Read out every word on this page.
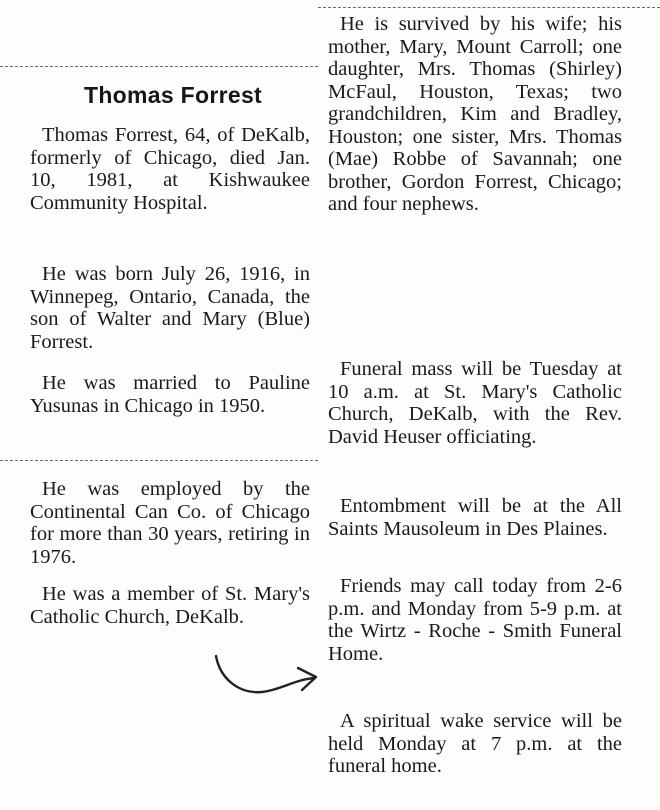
Thomas Forrest

Thomas Forrest, 64, of DeKalb, formerly of Chicago, died Jan. 10, 1981, at Kishwaukee Community Hospital.

He was born July 26, 1916, in Winnepeg, Ontario, Canada, the son of Walter and Mary (Blue) Forrest.

He was married to Pauline Yusunas in Chicago in 1950.

He was employed by the Continental Can Co. of Chicago for more than 30 years, retiring in 1976.

He was a member of St. Mary's Catholic Church, DeKalb.

He is survived by his wife; his mother, Mary, Mount Carroll; one daughter, Mrs. Thomas (Shirley) McFaul, Houston, Texas; two grandchildren, Kim and Bradley, Houston; one sister, Mrs. Thomas (Mae) Robbe of Savannah; one brother, Gordon Forrest, Chicago; and four nephews.

Funeral mass will be Tuesday at 10 a.m. at St. Mary's Catholic Church, DeKalb, with the Rev. David Heuser officiating.

Entombment will be at the All Saints Mausoleum in Des Plaines.

Friends may call today from 2-6 p.m. and Monday from 5-9 p.m. at the Wirtz - Roche - Smith Funeral Home.

A spiritual wake service will be held Monday at 7 p.m. at the funeral home.
